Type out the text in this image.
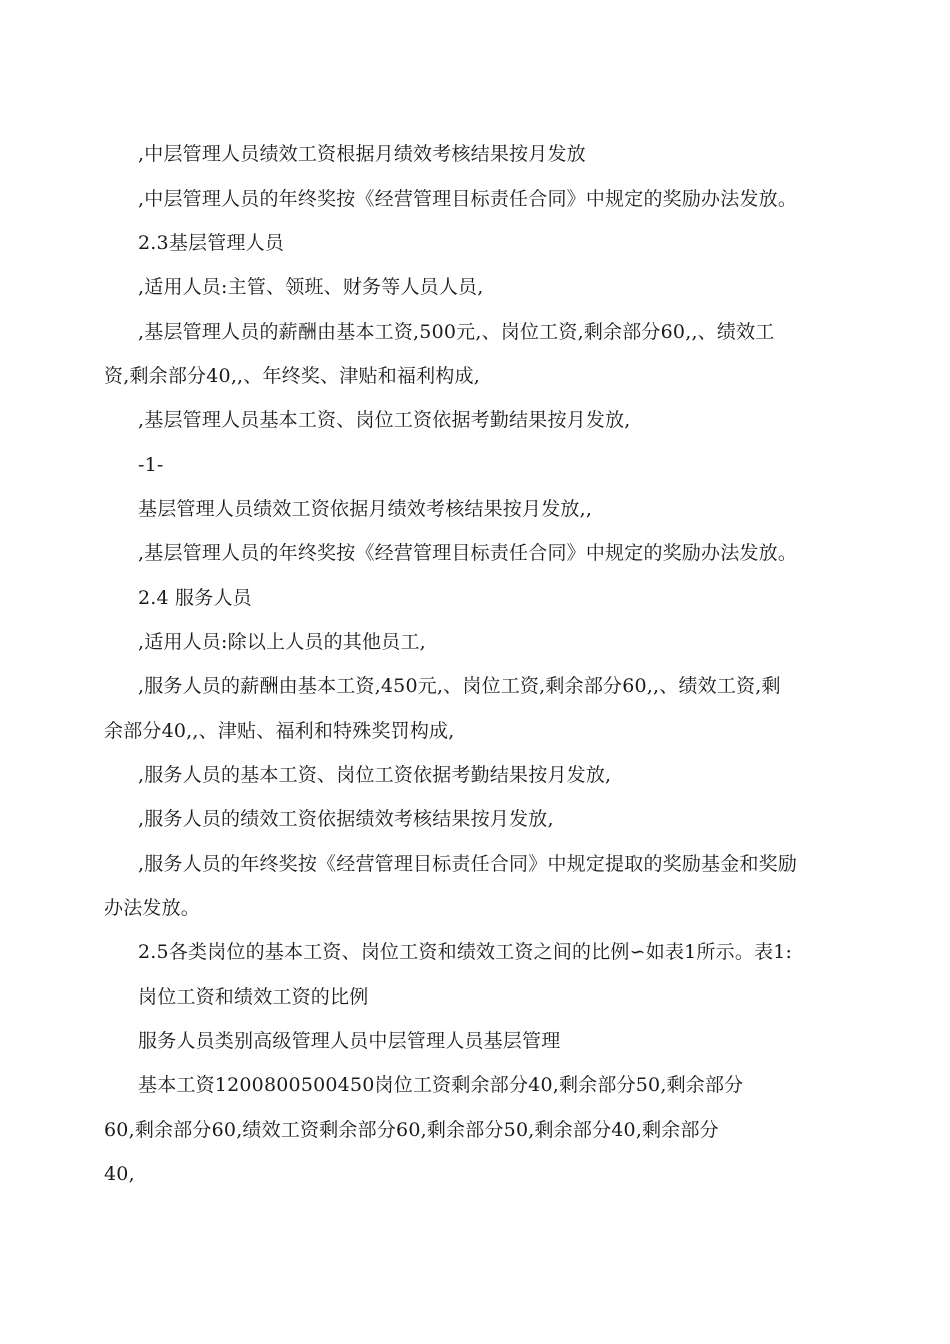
,中层管理人员绩效工资根据月绩效考核结果按月发放
,中层管理人员的年终奖按《经营管理目标责任合同》中规定的奖励办法发放。
2.3基层管理人员
,适用人员:主管、领班、财务等人员人员,
,基层管理人员的薪酬由基本工资,500元,、岗位工资,剩余部分60,,、绩效工
资,剩余部分40,,、年终奖、津贴和福利构成,
,基层管理人员基本工资、岗位工资依据考勤结果按月发放,
-1-
基层管理人员绩效工资依据月绩效考核结果按月发放,,
,基层管理人员的年终奖按《经营管理目标责任合同》中规定的奖励办法发放。
2.4 服务人员
,适用人员:除以上人员的其他员工,
,服务人员的薪酬由基本工资,450元,、岗位工资,剩余部分60,,、绩效工资,剩
余部分40,,、津贴、福利和特殊奖罚构成,
,服务人员的基本工资、岗位工资依据考勤结果按月发放,
,服务人员的绩效工资依据绩效考核结果按月发放,
,服务人员的年终奖按《经营管理目标责任合同》中规定提取的奖励基金和奖励
办法发放。
2.5各类岗位的基本工资、岗位工资和绩效工资之间的比例∽如表1所示。表1:
岗位工资和绩效工资的比例
服务人员类别高级管理人员中层管理人员基层管理
基本工资1200800500450岗位工资剩余部分40,剩余部分50,剩余部分
60,剩余部分60,绩效工资剩余部分60,剩余部分50,剩余部分40,剩余部分
40,
